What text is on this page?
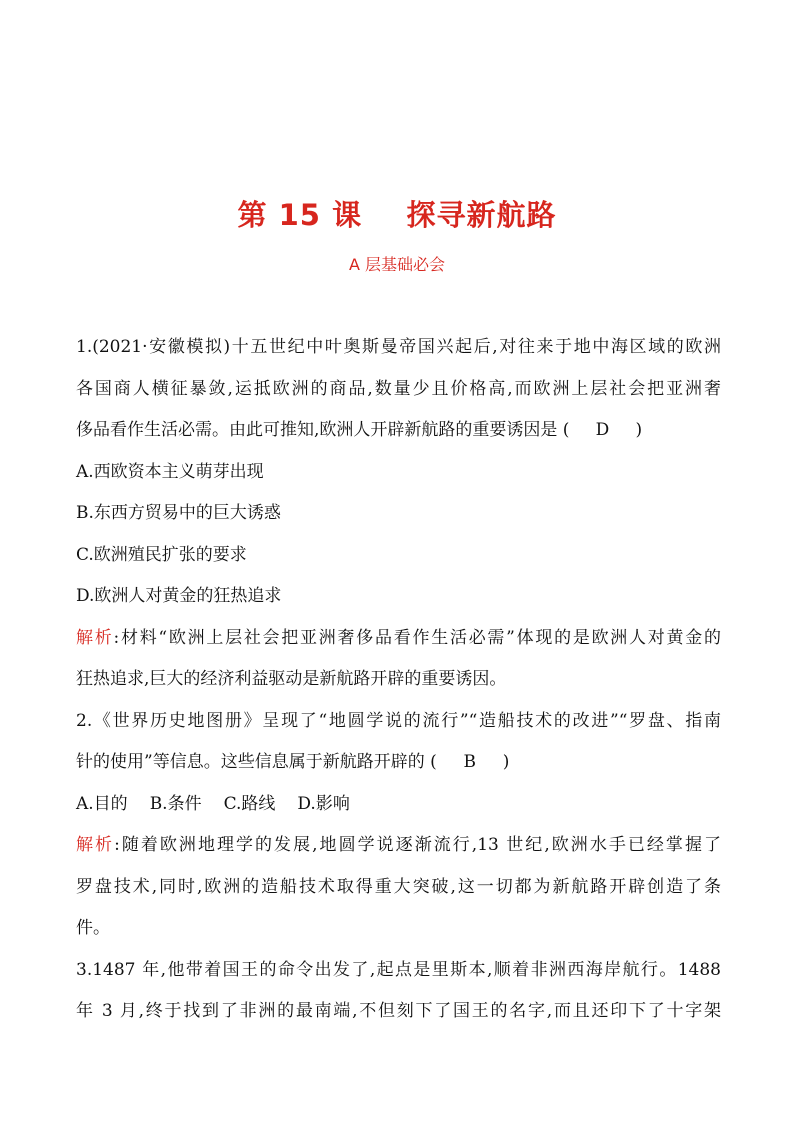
第 15 课    探寻新航路
A 层基础必会
1.(2021·安徽模拟)十五世纪中叶奥斯曼帝国兴起后,对往来于地中海区域的欧洲
各国商人横征暴敛,运抵欧洲的商品,数量少且价格高,而欧洲上层社会把亚洲奢
侈品看作生活必需。由此可推知,欧洲人开辟新航路的重要诱因是 ( D )
A.西欧资本主义萌芽出现
B.东西方贸易中的巨大诱惑
C.欧洲殖民扩张的要求
D.欧洲人对黄金的狂热追求
解析:材料“欧洲上层社会把亚洲奢侈品看作生活必需”体现的是欧洲人对黄金的
狂热追求,巨大的经济利益驱动是新航路开辟的重要诱因。
2.《世界历史地图册》呈现了“地圆学说的流行”“造船技术的改进”“罗盘、指南
针的使用”等信息。这些信息属于新航路开辟的 ( B )
A.目的 B.条件 C.路线 D.影响
解析:随着欧洲地理学的发展,地圆学说逐渐流行,13 世纪,欧洲水手已经掌握了
罗盘技术,同时,欧洲的造船技术取得重大突破,这一切都为新航路开辟创造了条
件。
3.1487 年,他带着国王的命令出发了,起点是里斯本,顺着非洲西海岸航行。1488
年 3 月,终于找到了非洲的最南端,不但刻下了国王的名字,而且还印下了十字架
